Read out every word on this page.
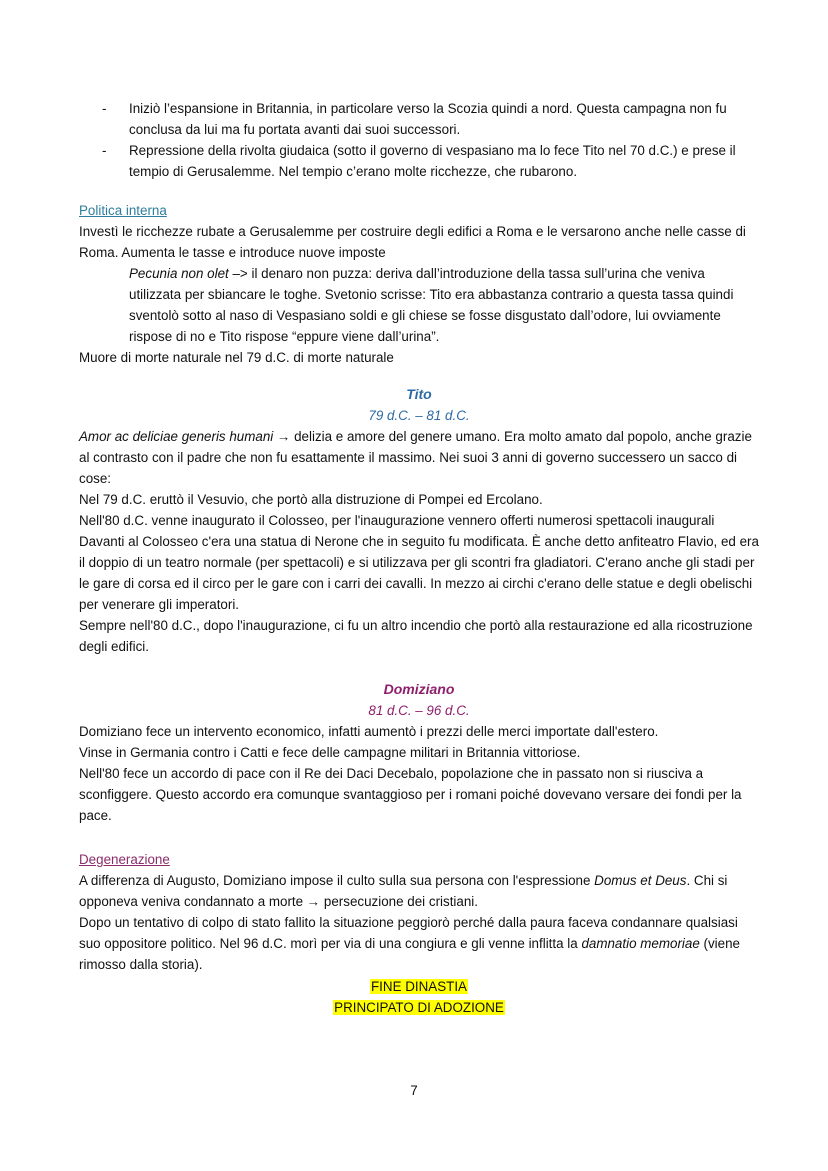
- Iniziò l’espansione in Britannia, in particolare verso la Scozia quindi a nord. Questa campagna non fu conclusa da lui ma fu portata avanti dai suoi successori.

- Repressione della rivolta giudaica (sotto il governo di vespasiano ma lo fece Tito nel 70 d.C.) e prese il tempio di Gerusalemme. Nel tempio c’erano molte ricchezze, che rubarono.

Politica interna

Investì le ricchezze rubate a Gerusalemme per costruire degli edifici a Roma e le versarono anche nelle casse di Roma. Aumenta le tasse e introduce nuove imposte

Pecunia non olet –> il denaro non puzza: deriva dall’introduzione della tassa sull’urina che veniva utilizzata per sbiancare le toghe. Svetonio scrisse: Tito era abbastanza contrario a questa tassa quindi sventolò sotto al naso di Vespasiano soldi e gli chiese se fosse disgustato dall’odore, lui ovviamente rispose di no e Tito rispose “eppure viene dall’urina”.

Muore di morte naturale nel 79 d.C. di morte naturale

Tito

79 d.C. – 81 d.C.

Amor ac deliciae generis humani → delizia e amore del genere umano. Era molto amato dal popolo, anche grazie al contrasto con il padre che non fu esattamente il massimo. Nei suoi 3 anni di governo successero un sacco di cose:

Nel 79 d.C. eruttò il Vesuvio, che portò alla distruzione di Pompei ed Ercolano.

Nell'80 d.C. venne inaugurato il Colosseo, per l'inaugurazione vennero offerti numerosi spettacoli inaugurali Davanti al Colosseo c'era una statua di Nerone che in seguito fu modificata. È anche detto anfiteatro Flavio, ed era il doppio di un teatro normale (per spettacoli) e si utilizzava per gli scontri fra gladiatori. C'erano anche gli stadi per le gare di corsa ed il circo per le gare con i carri dei cavalli. In mezzo ai circhi c'erano delle statue e degli obelischi per venerare gli imperatori.

Sempre nell'80 d.C., dopo l'inaugurazione, ci fu un altro incendio che portò alla restaurazione ed alla ricostruzione degli edifici.

Domiziano

81 d.C. – 96 d.C.

Domiziano fece un intervento economico, infatti aumentò i prezzi delle merci importate dall'estero.

Vinse in Germania contro i Catti e fece delle campagne militari in Britannia vittoriose.

Nell'80 fece un accordo di pace con il Re dei Daci Decebalo, popolazione che in passato non si riusciva a sconfiggere. Questo accordo era comunque svantaggioso per i romani poiché dovevano versare dei fondi per la pace.

Degenerazione

A differenza di Augusto, Domiziano impose il culto sulla sua persona con l'espressione Domus et Deus. Chi si opponeva veniva condannato a morte → persecuzione dei cristiani.

Dopo un tentativo di colpo di stato fallito la situazione peggiorò perché dalla paura faceva condannare qualsiasi suo oppositore politico. Nel 96 d.C. morì per via di una congiura e gli venne inflitta la damnatio memoriae (viene rimosso dalla storia).

FINE DINASTIA

PRINCIPATO DI ADOZIONE

7
